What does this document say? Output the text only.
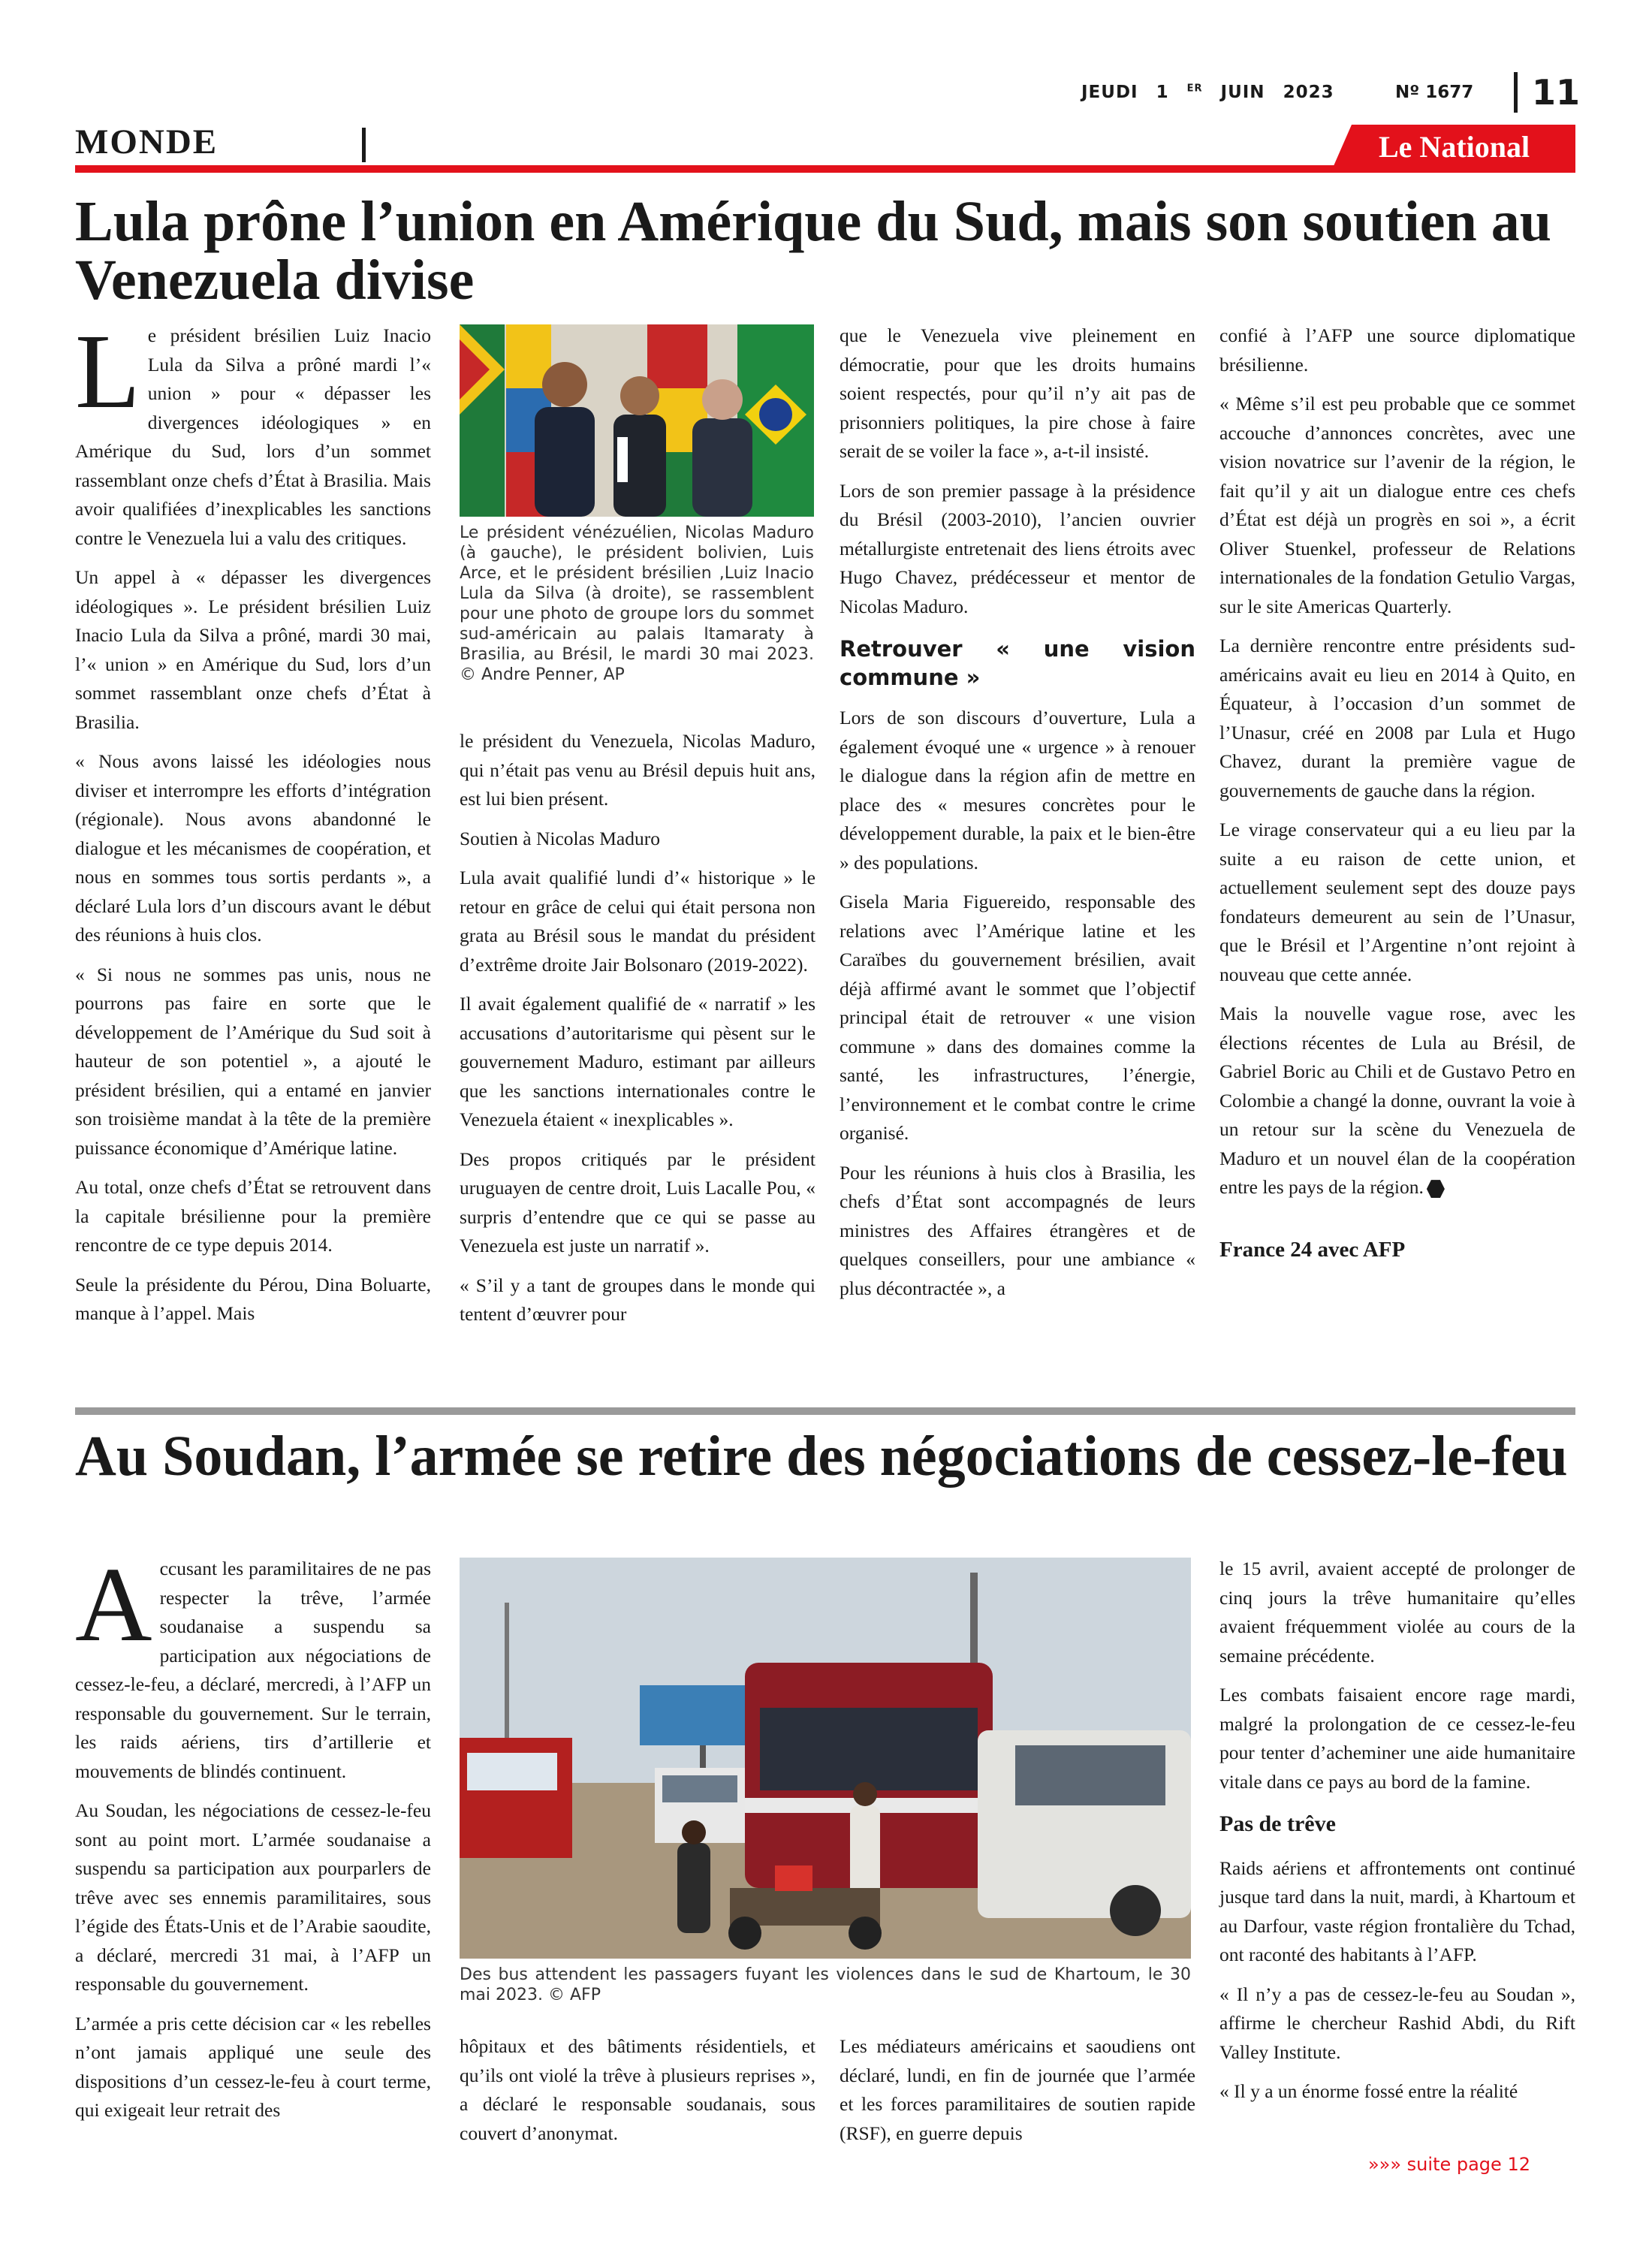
JEUDI 1 $^{ER}$ JUIN 2023	Nº 1677 11
MONDE	Le National
Lula prône l’union en Amérique du Sud, mais son soutien au Venezuela divise

Le président brésilien Luiz Inacio Lula da Silva a prôné mardi l’« union » pour « dépasser les divergences idéologiques » en Amérique du Sud, lors d’un sommet rassemblant onze chefs d’État à Brasilia. Mais avoir qualifiées d’inexplicables les sanctions contre le Venezuela lui a valu des critiques.

Un appel à « dépasser les divergences idéologiques ». Le président brésilien Luiz Inacio Lula da Silva a prôné, mardi 30 mai, l’« union » en Amérique du Sud, lors d’un sommet rassemblant onze chefs d’État à Brasilia.

« Nous avons laissé les idéologies nous diviser et interrompre les efforts d’intégration (régionale). Nous avons abandonné le dialogue et les mécanismes de coopération, et nous en sommes tous sortis perdants », a déclaré Lula lors d’un discours avant le début des réunions à huis clos.

« Si nous ne sommes pas unis, nous ne pourrons pas faire en sorte que le développement de l’Amérique du Sud soit à hauteur de son potentiel », a ajouté le président brésilien, qui a entamé en janvier son troisième mandat à la tête de la première puissance économique d’Amérique latine.

Au total, onze chefs d’État se retrouvent dans la capitale brésilienne pour la première rencontre de ce type depuis 2014.

Seule la présidente du Pérou, Dina Boluarte, manque à l’appel. Mais

Le président vénézuélien, Nicolas Maduro (à gauche), le président bolivien, Luis Arce, et le président brésilien ,Luiz Inacio Lula da Silva (à droite), se rassemblent pour une photo de groupe lors du sommet sud-américain au palais Itamaraty à Brasilia, au Brésil, le mardi 30 mai 2023. © Andre Penner, AP

le président du Venezuela, Nicolas Maduro, qui n’était pas venu au Brésil depuis huit ans, est lui bien présent.

Soutien à Nicolas Maduro

Lula avait qualifié lundi d’« historique » le retour en grâce de celui qui était persona non grata au Brésil sous le mandat du président d’extrême droite Jair Bolsonaro (2019-2022).

Il avait également qualifié de « narratif » les accusations d’autoritarisme qui pèsent sur le gouvernement Maduro, estimant par ailleurs que les sanctions internationales contre le Venezuela étaient « inexplicables ».

Des propos critiqués par le président uruguayen de centre droit, Luis Lacalle Pou, « surpris d’entendre que ce qui se passe au Venezuela est juste un narratif ».

« S’il y a tant de groupes dans le monde qui tentent d’œuvrer pour

que le Venezuela vive pleinement en démocratie, pour que les droits humains soient respectés, pour qu’il n’y ait pas de prisonniers politiques, la pire chose à faire serait de se voiler la face », a-t-il insisté.

Lors de son premier passage à la présidence du Brésil (2003-2010), l’ancien ouvrier métallurgiste entretenait des liens étroits avec Hugo Chavez, prédécesseur et mentor de Nicolas Maduro.

Retrouver « une vision commune »

Lors de son discours d’ouverture, Lula a également évoqué une « urgence » à renouer le dialogue dans la région afin de mettre en place des « mesures concrètes pour le développement durable, la paix et le bien-être » des populations.

Gisela Maria Figuereido, responsable des relations avec l’Amérique latine et les Caraïbes du gouvernement brésilien, avait déjà affirmé avant le sommet que l’objectif principal était de retrouver « une vision commune » dans des domaines comme la santé, les infrastructures, l’énergie, l’environnement et le combat contre le crime organisé.

Pour les réunions à huis clos à Brasilia, les chefs d’État sont accompagnés de leurs ministres des Affaires étrangères et de quelques conseillers, pour une ambiance « plus décontractée », a

confié à l’AFP une source diplomatique brésilienne.

« Même s’il est peu probable que ce sommet accouche d’annonces concrètes, avec une vision novatrice sur l’avenir de la région, le fait qu’il y ait un dialogue entre ces chefs d’État est déjà un progrès en soi », a écrit Oliver Stuenkel, professeur de Relations internationales de la fondation Getulio Vargas, sur le site Americas Quarterly.

La dernière rencontre entre présidents sud-américains avait eu lieu en 2014 à Quito, en Équateur, à l’occasion d’un sommet de l’Unasur, créé en 2008 par Lula et Hugo Chavez, durant la première vague de gouvernements de gauche dans la région.

Le virage conservateur qui a eu lieu par la suite a eu raison de cette union, et actuellement seulement sept des douze pays fondateurs demeurent au sein de l’Unasur, que le Brésil et l’Argentine n’ont rejoint à nouveau que cette année.

Mais la nouvelle vague rose, avec les élections récentes de Lula au Brésil, de Gabriel Boric au Chili et de Gustavo Petro en Colombie a changé la donne, ouvrant la voie à un retour sur la scène du Venezuela de Maduro et un nouvel élan de la coopération entre les pays de la région.

France 24 avec AFP
Au Soudan, l’armée se retire des négociations de cessez-le-feu

Accusant les paramilitaires de ne pas respecter la trêve, l’armée soudanaise a suspendu sa participation aux négociations de cessez-le-feu, a déclaré, mercredi, à l’AFP un responsable du gouvernement. Sur le terrain, les raids aériens, tirs d’artillerie et mouvements de blindés continuent.

Au Soudan, les négociations de cessez-le-feu sont au point mort. L’armée soudanaise a suspendu sa participation aux pourparlers de trêve avec ses ennemis paramilitaires, sous l’égide des États-Unis et de l’Arabie saoudite, a déclaré, mercredi 31 mai, à l’AFP un responsable du gouvernement.

L’armée a pris cette décision car « les rebelles n’ont jamais appliqué une seule des dispositions d’un cessez-le-feu à court terme, qui exigeait leur retrait des

Des bus attendent les passagers fuyant les violences dans le sud de Khartoum, le 30 mai 2023. © AFP

hôpitaux et des bâtiments résidentiels, et qu’ils ont violé la trêve à plusieurs reprises », a déclaré le responsable soudanais, sous couvert d’anonymat.

Les médiateurs américains et saoudiens ont déclaré, lundi, en fin de journée que l’armée et les forces paramilitaires de soutien rapide (RSF), en guerre depuis

le 15 avril, avaient accepté de prolonger de cinq jours la trêve humanitaire qu’elles avaient fréquemment violée au cours de la semaine précédente.

Les combats faisaient encore rage mardi, malgré la prolongation de ce cessez-le-feu pour tenter d’acheminer une aide humanitaire vitale dans ce pays au bord de la famine.

Pas de trêve

Raids aériens et affrontements ont continué jusque tard dans la nuit, mardi, à Khartoum et au Darfour, vaste région frontalière du Tchad, ont raconté des habitants à l’AFP.

« Il n’y a pas de cessez-le-feu au Soudan », affirme le chercheur Rashid Abdi, du Rift Valley Institute.

« Il y a un énorme fossé entre la réalité

»»» suite page 12
